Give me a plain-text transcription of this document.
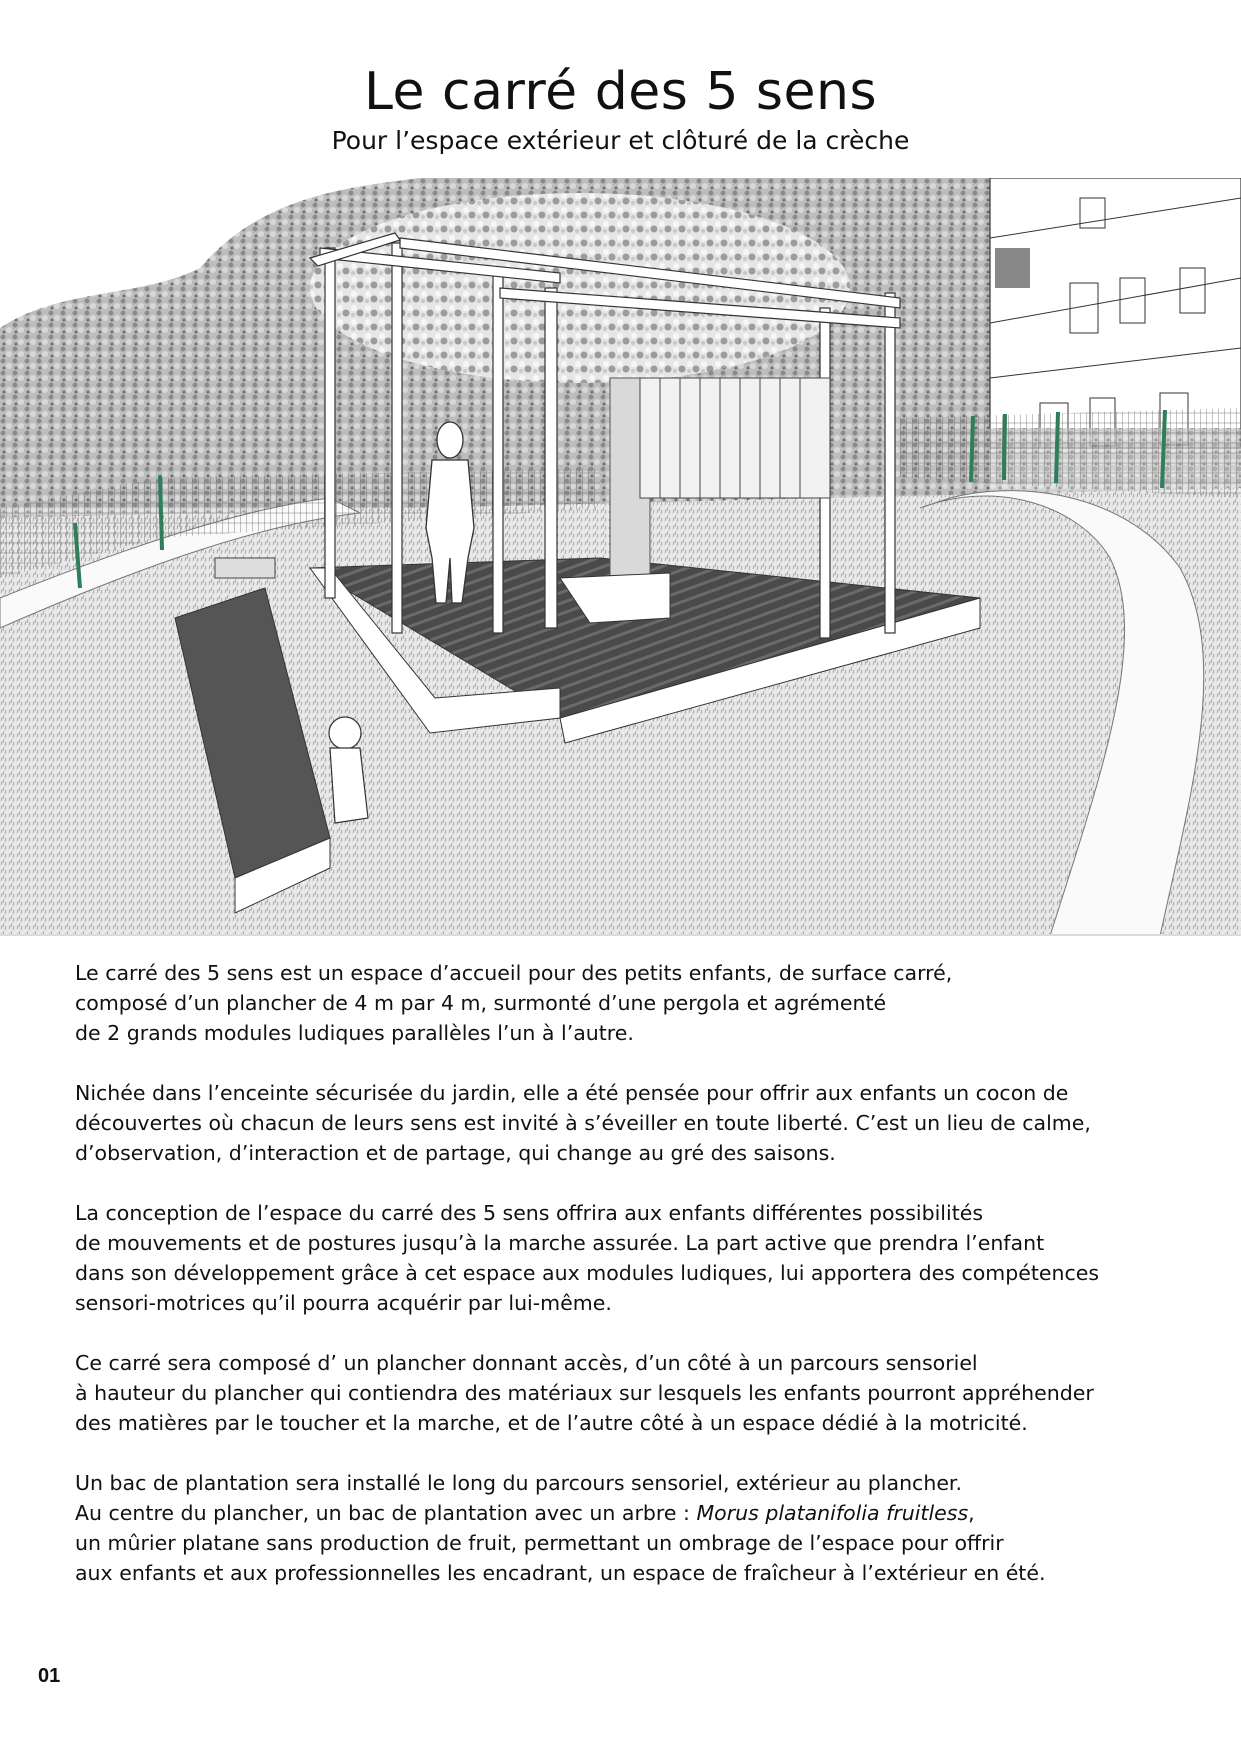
Le carré des 5 sens

Pour l’espace extérieur et clôturé de la crèche

Le carré des 5 sens est un espace d’accueil pour des petits enfants, de surface carré,
composé d’un plancher de 4 m par 4 m, surmonté d’une pergola et agrémenté
de 2 grands modules ludiques parallèles l’un à l’autre.

Nichée dans l’enceinte sécurisée du jardin, elle a été pensée pour offrir aux enfants un cocon de
découvertes où chacun de leurs sens est invité à s’éveiller en toute liberté. C’est un lieu de calme,
d’observation, d’interaction et de partage, qui change au gré des saisons.

La conception de l’espace du carré des 5 sens offrira aux enfants différentes possibilités
de mouvements et de postures jusqu’à la marche assurée. La part active que prendra l’enfant
dans son développement grâce à cet espace aux modules ludiques, lui apportera des compétences
sensori-motrices qu’il pourra acquérir par lui-même.

Ce carré sera composé d’ un plancher donnant accès, d’un côté à un parcours sensoriel
à hauteur du plancher qui contiendra des matériaux sur lesquels les enfants pourront appréhender
des matières par le toucher et la marche, et de l’autre côté à un espace dédié à la motricité.

Un bac de plantation sera installé le long du parcours sensoriel, extérieur au plancher.
Au centre du plancher, un bac de plantation avec un arbre : Morus platanifolia fruitless,
un mûrier platane sans production de fruit, permettant un ombrage de l’espace pour offrir
aux enfants et aux professionnelles les encadrant, un espace de fraîcheur à l’extérieur en été.

01
